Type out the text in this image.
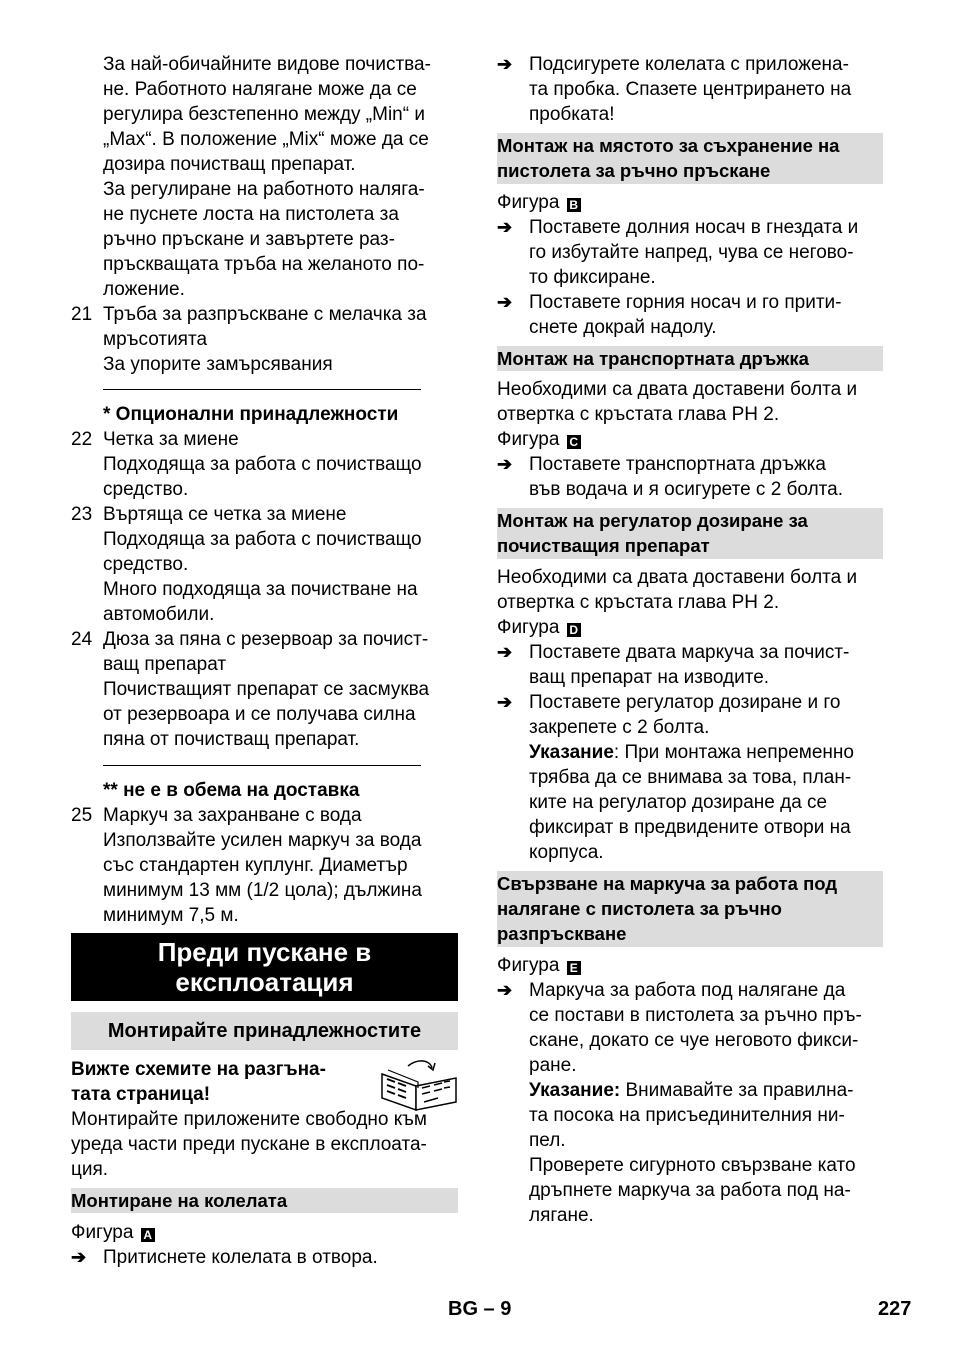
За най-обичайните видове почиства-
не. Работното налягане може да се
регулира безстепенно между „Min“ и
„Max“. В положение „Mix“ може да се
дозира почистващ препарат.
За регулиране на работното наляга-
не пуснете лоста на пистолета за
ръчно пръскане и завъртете раз-
пръскващата тръба на желаното по-
ложение.
21 Тръба за разпръскване с мелачка за
мръсотията
За упорите замърсявания
* Опционални принадлежности
22 Четка за миене
Подходяща за работа с почистващо
средство.
23 Въртяща се четка за миене
Подходяща за работа с почистващо
средство.
Много подходяща за почистване на
автомобили.
24 Дюза за пяна с резервоар за почист-
ващ препарат
Почистващият препарат се засмуква
от резервоара и се получава силна
пяна от почистващ препарат.
** не е в обема на доставка
25 Маркуч за захранване с вода
Използвайте усилен маркуч за вода
със стандартен куплунг. Диаметър
минимум 13 мм (1/2 цола); дължина
минимум 7,5 м.
Преди пускане в
експлоатация
Монтирайте принадлежностите
Вижте схемите на разгъна-
тата страница!
Монтирайте приложените свободно към
уреда части преди пускане в експлоата-
ция.
Монтиране на колелата
Фигура A
➔ Притиснете колелата в отвора.
➔ Подсигурете колелата с приложена-
та пробка. Спазете центрирането на
пробката!
Монтаж на мястото за съхранение на
пистолета за ръчно пръскане
Фигура B
➔ Поставете долния носач в гнездата и
го избутайте напред, чува се негово-
то фиксиране.
➔ Поставете горния носач и го прити-
снете докрай надолу.
Монтаж на транспортната дръжка
Необходими са двата доставени болта и
отвертка с кръстата глава PH 2.
Фигура C
➔ Поставете транспортната дръжка
във водача и я осигурете с 2 болта.
Монтаж на регулатор дозиране за
почистващия препарат
Необходими са двата доставени болта и
отвертка с кръстата глава PH 2.
Фигура D
➔ Поставете двата маркуча за почист-
ващ препарат на изводите.
➔ Поставете регулатор дозиране и го
закрепете с 2 болта.
Указание: При монтажа непременно
трябва да се внимава за това, план-
ките на регулатор дозиране да се
фиксират в предвидените отвори на
корпуса.
Свързване на маркуча за работа под
налягане с пистолета за ръчно
разпръскване
Фигура E
➔ Маркуча за работа под налягане да
се постави в пистолета за ръчно пръ-
скане, докато се чуе неговото фикси-
ране.
Указание: Внимавайте за правилна-
та посока на присъединителния ни-
пел.
Проверете сигурното свързване като
дръпнете маркуча за работа под на-
лягане.
BG – 9	227
